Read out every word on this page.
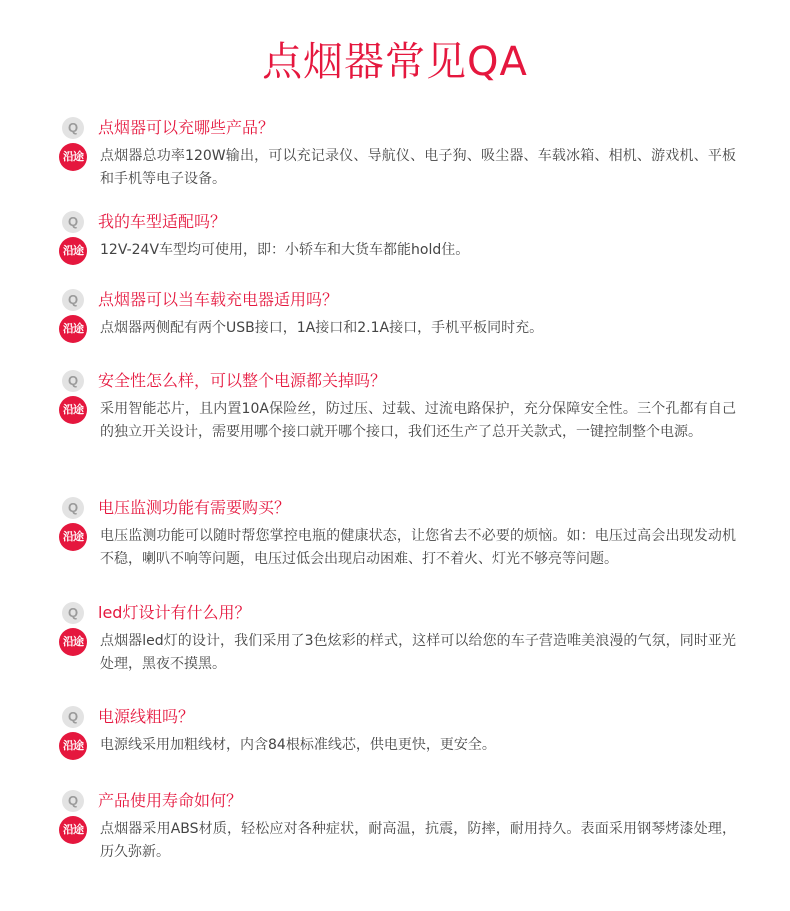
点烟器常见QA
Q	点烟器可以充哪些产品？
沿途 点烟器总功率120W输出，可以充记录仪、导航仪、电子狗、吸尘器、车载冰箱、相机、游戏机、平板和手机等电子设备。
Q	我的车型适配吗？
沿途 12V-24V车型均可使用，即：小轿车和大货车都能hold住。
Q	点烟器可以当车载充电器适用吗？
沿途 点烟器两侧配有两个USB接口，1A接口和2.1A接口，手机平板同时充。
Q	安全性怎么样，可以整个电源都关掉吗？
沿途 采用智能芯片，且内置10A保险丝，防过压、过载、过流电路保护，充分保障安全性。三个孔都有自己的独立开关设计，需要用哪个接口就开哪个接口，我们还生产了总开关款式，一键控制整个电源。
Q	电压监测功能有需要购买？
沿途 电压监测功能可以随时帮您掌控电瓶的健康状态，让您省去不必要的烦恼。如：电压过高会出现发动机不稳，喇叭不响等问题，电压过低会出现启动困难、打不着火、灯光不够亮等问题。
Q	led灯设计有什么用？
沿途 点烟器led灯的设计，我们采用了3色炫彩的样式，这样可以给您的车子营造唯美浪漫的气氛，同时亚光处理，黑夜不摸黑。
Q	电源线粗吗？
沿途 电源线采用加粗线材，内含84根标准线芯，供电更快，更安全。
Q	产品使用寿命如何？
沿途 点烟器采用ABS材质，轻松应对各种症状，耐高温，抗震，防摔，耐用持久。表面采用钢琴烤漆处理，历久弥新。
